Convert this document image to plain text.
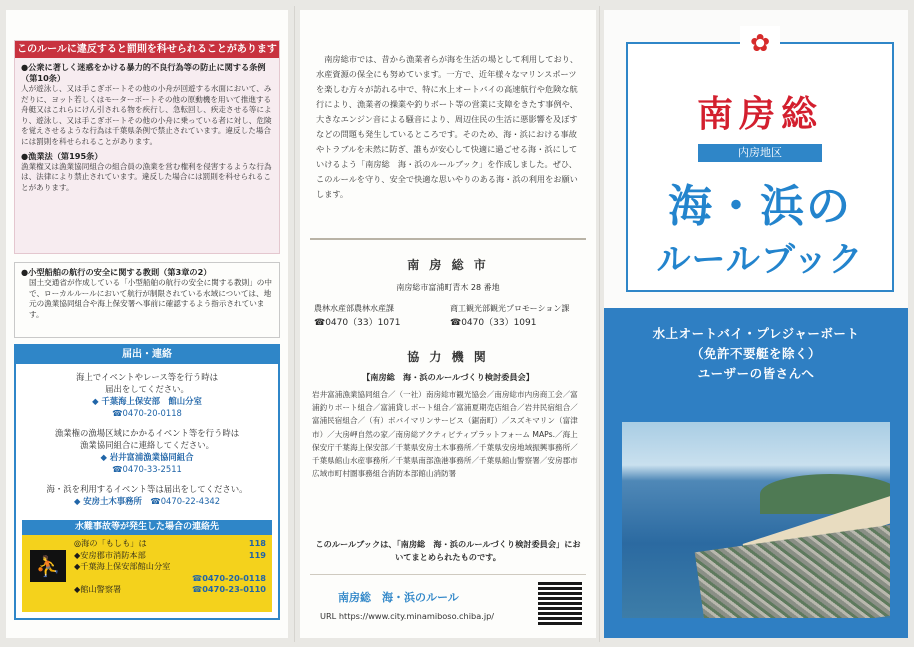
このルールに違反すると罰則を科せられることがあります
●公衆に著しく迷惑をかける暴力的不良行為等の防止に関する条例（第10条）
人が遊泳し、又は手こぎボートその他の小舟が回遊する水面において、みだりに、ヨット若しくはモーターボートその他の原動機を用いて推進する舟艇又はこれらにけん引される物を疾行し、急転回し、疾走させる等により、遊泳し、又は手こぎボートその他の小舟に乗っている者に対し、危険を覚えさせるような行為は千葉県条例で禁止されています。違反した場合には罰則を科せられることがあります。
●漁業法（第195条）
漁業権又は漁業協同組合の組合員の漁業を営む権利を侵害するような行為は、法律により禁止されています。違反した場合には罰則を科せられることがあります。
●小型船舶の航行の安全に関する教則（第3章の2）
国土交通省が作成している「小型船舶の航行の安全に関する教則」の中で、ローカルルールにおいて航行が制限されている水域については、地元の漁業協同組合や海上保安署へ事前に確認するよう指示されています。
届出・連絡
海上でイベントやレース等を行う時は
届出をしてください。
◆ 千葉海上保安部　館山分室
☎0470-20-0118
漁業権の漁場区域にかかるイベント等を行う時は
漁業協同組合に連絡してください。
◆ 岩井富浦漁業協同組合
☎0470-33-2511
海・浜を利用するイベント等は届出をしてください。
◆ 安房土木事務所　 ☎0470-22-4342
水難事故等が発生した場合の連絡先
⛹
◎海の「もしも」は	118
◆安房郡市消防本部	119
◆千葉海上保安部館山分室
☎0470-20-0118
◆館山警察署	☎0470-23-0110

南房総市では、昔から漁業者らが海を生活の場として利用しており、水産資源の保全にも努めています。一方で、近年様々なマリンスポーツを楽しむ方々が訪れる中で、特に水上オートバイの高速航行や危険な航行により、漁業者の操業や釣りボート等の営業に支障をきたす事例や、大きなエンジン音による騒音により、周辺住民の生活に悪影響を及ぼすなどの問題も発生しているところです。そのため、海・浜における事故やトラブルを未然に防ぎ、誰もが安心して快適に過ごせる海・浜にしていけるよう「南房総　海・浜のルールブック」を作成しました。ぜひ、このルールを守り、安全で快適な思いやりのある海・浜の利用をお願いします。

南 房 総 市
南房総市富浦町青木 28 番地
農林水産部農林水産課
☎0470（33）1071
商工観光部観光プロモーション課
☎0470（33）1091
協 力 機 関
【南房総　海・浜のルールづくり検討委員会】

岩井富浦漁業協同組合／（一社）南房総市観光協会／南房総市内房商工会／富浦釣りボート組合／富浦貸しボート組合／富浦夏期売店組合／岩井民宿組合／富浦民宿組合／（有）ボバイマリンサービス（鋸南町）／スズキマリン（富津市）／大房岬自然の家／南房総アクティビティプラットフォーム MAPs.／海上保安庁千葉海上保安部／千葉県安房土木事務所／千葉県安房地域振興事務所／千葉県館山水産事務所／千葉県南部漁港事務所／千葉県館山警察署／安房郡市広域市町村圏事務組合消防本部館山消防署

このルールブックは、「南房総　海・浜のルールづくり検討委員会」においてまとめられたものです。

南房総　海・浜のルール
URL https://www.city.minamiboso.chiba.jp/
✿
南房総
内房地区
海・浜の
ルールブック
水上オートバイ・プレジャーボート
（免許不要艇を除く）
ユーザーの皆さんへ
